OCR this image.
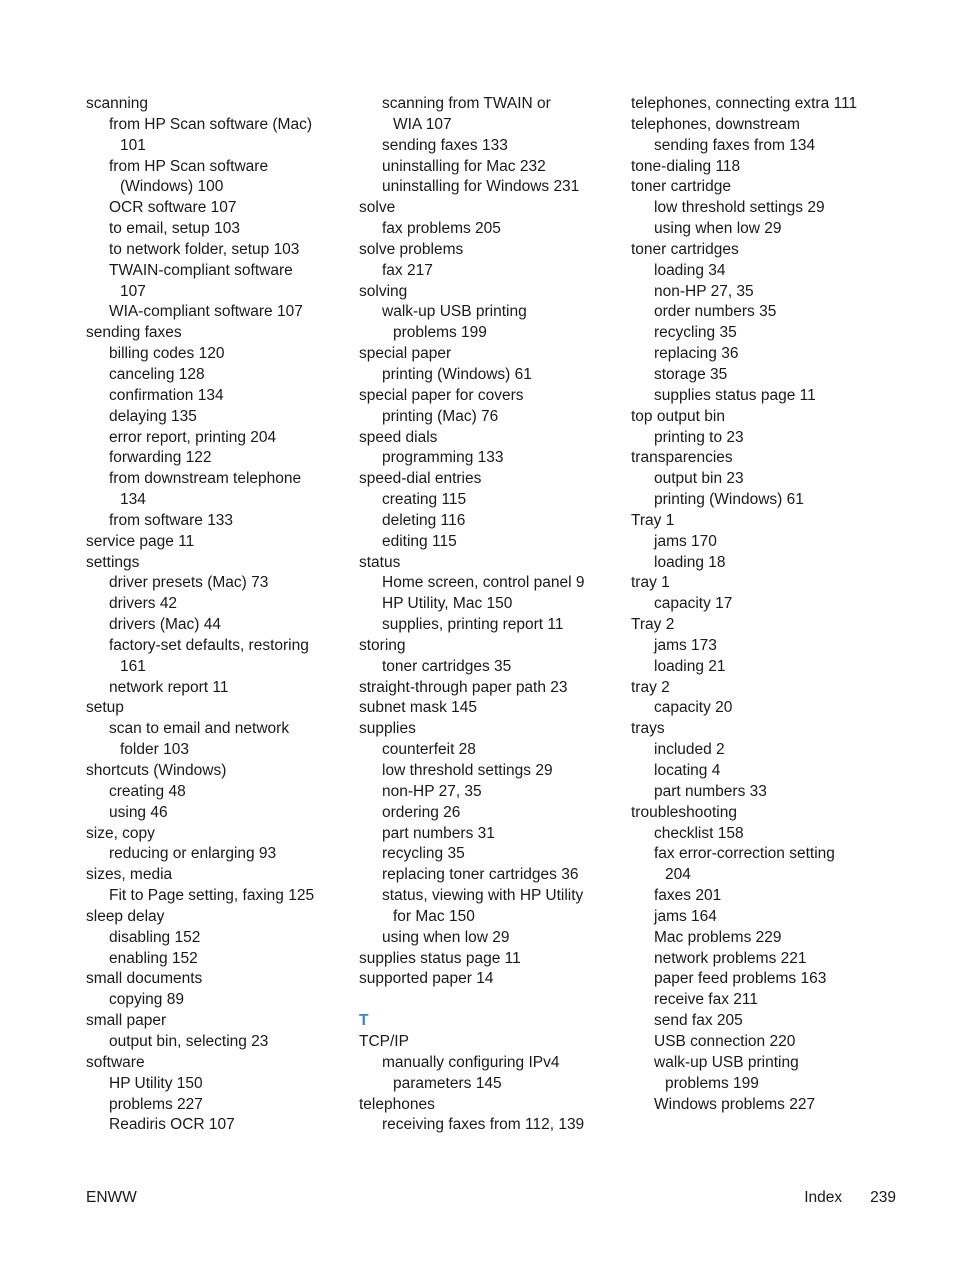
scanning
from HP Scan software (Mac)
101
from HP Scan software
(Windows) 100
OCR software 107
to email, setup 103
to network folder, setup 103
TWAIN-compliant software
107
WIA-compliant software 107
sending faxes
billing codes 120
canceling 128
confirmation 134
delaying 135
error report, printing 204
forwarding 122
from downstream telephone
134
from software 133
service page 11
settings
driver presets (Mac) 73
drivers 42
drivers (Mac) 44
factory-set defaults, restoring
161
network report 11
setup
scan to email and network
folder 103
shortcuts (Windows)
creating 48
using 46
size, copy
reducing or enlarging 93
sizes, media
Fit to Page setting, faxing 125
sleep delay
disabling 152
enabling 152
small documents
copying 89
small paper
output bin, selecting 23
software
HP Utility 150
problems 227
Readiris OCR 107
scanning from TWAIN or
WIA 107
sending faxes 133
uninstalling for Mac 232
uninstalling for Windows 231
solve
fax problems 205
solve problems
fax 217
solving
walk-up USB printing
problems 199
special paper
printing (Windows) 61
special paper for covers
printing (Mac) 76
speed dials
programming 133
speed-dial entries
creating 115
deleting 116
editing 115
status
Home screen, control panel 9
HP Utility, Mac 150
supplies, printing report 11
storing
toner cartridges 35
straight-through paper path 23
subnet mask 145
supplies
counterfeit 28
low threshold settings 29
non-HP 27, 35
ordering 26
part numbers 31
recycling 35
replacing toner cartridges 36
status, viewing with HP Utility
for Mac 150
using when low 29
supplies status page 11
supported paper 14
T
TCP/IP
manually configuring IPv4
parameters 145
telephones
receiving faxes from 112, 139
telephones, connecting extra 111
telephones, downstream
sending faxes from 134
tone-dialing 118
toner cartridge
low threshold settings 29
using when low 29
toner cartridges
loading 34
non-HP 27, 35
order numbers 35
recycling 35
replacing 36
storage 35
supplies status page 11
top output bin
printing to 23
transparencies
output bin 23
printing (Windows) 61
Tray 1
jams 170
loading 18
tray 1
capacity 17
Tray 2
jams 173
loading 21
tray 2
capacity 20
trays
included 2
locating 4
part numbers 33
troubleshooting
checklist 158
fax error-correction setting
204
faxes 201
jams 164
Mac problems 229
network problems 221
paper feed problems 163
receive fax 211
send fax 205
USB connection 220
walk-up USB printing
problems 199
Windows problems 227
ENWW	Index 239
